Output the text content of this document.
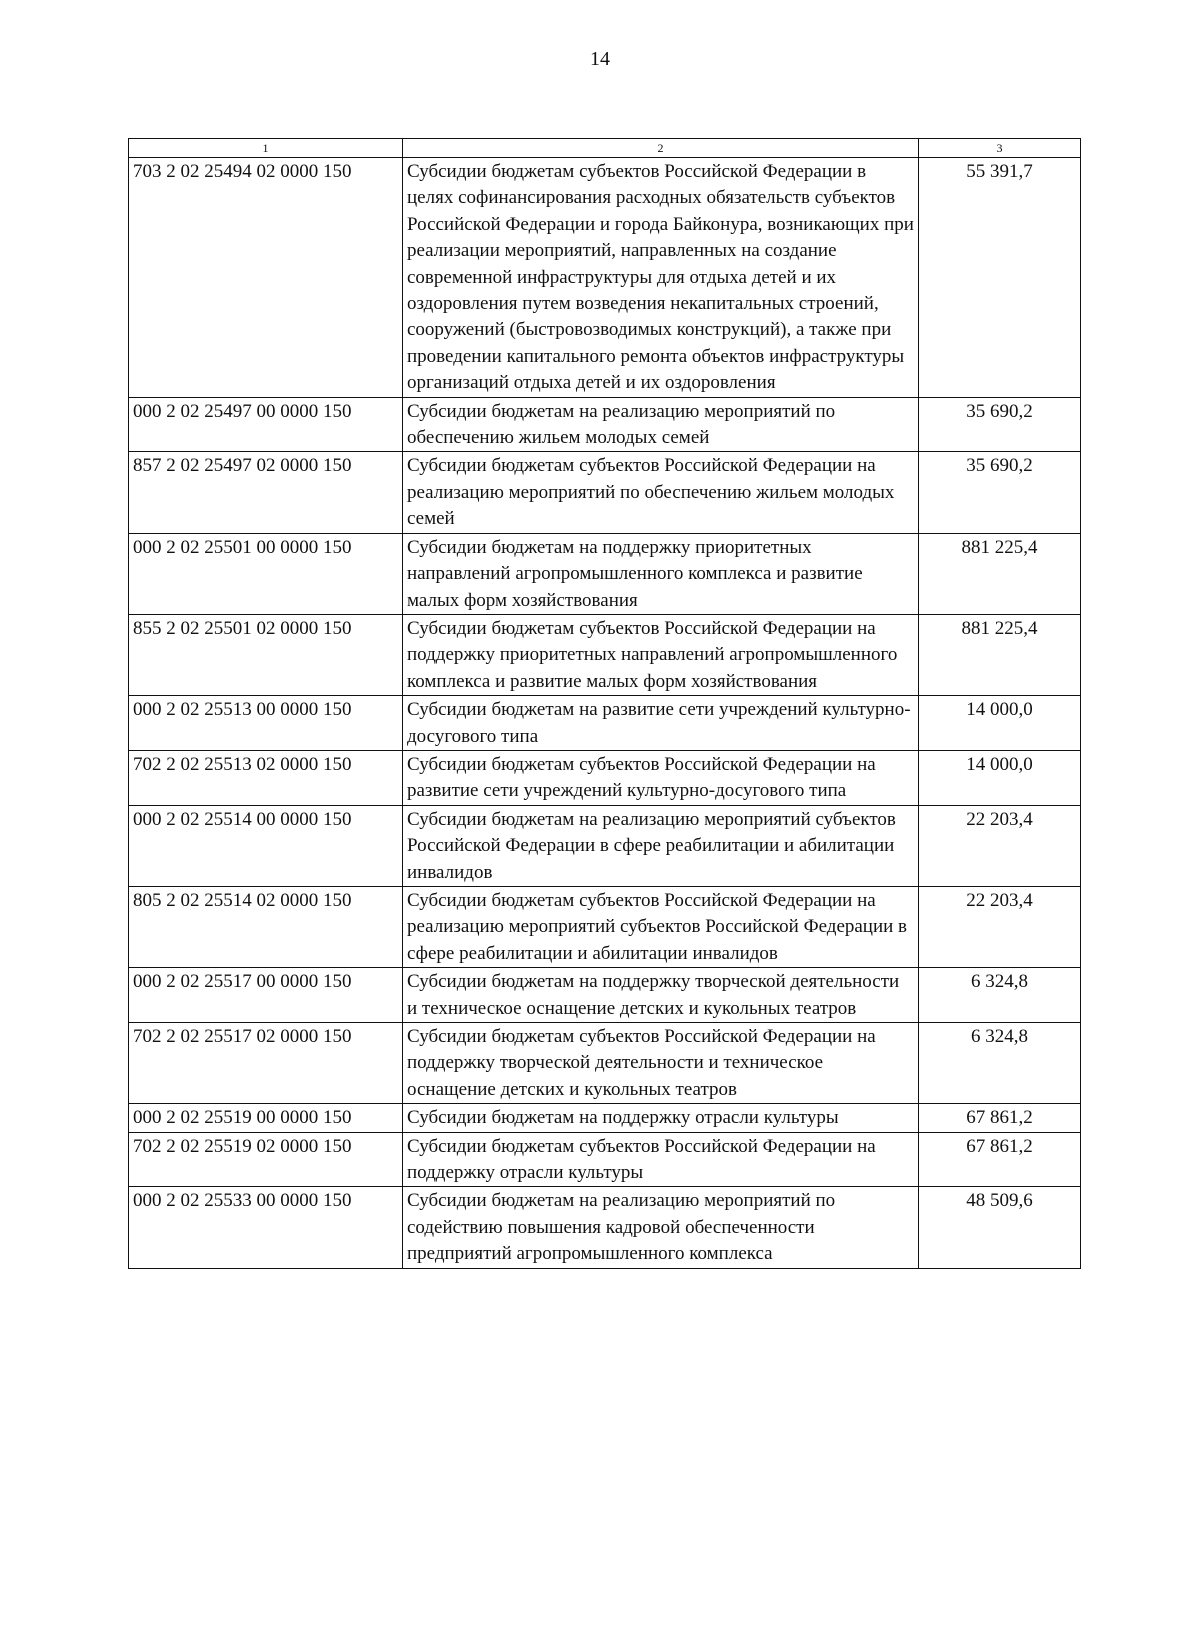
14
1	2	3
703 2 02 25494 02 0000 150	Субсидии бюджетам субъектов Российской Федерации в целях софинансирования расходных обязательств субъектов Российской Федерации и города Байконура, возникающих при реализации мероприятий, направленных на создание современной инфраструктуры для отдыха детей и их оздоровления путем возведения некапитальных строений, сооружений (быстровозводимых конструкций), а также при проведении капитального ремонта объектов инфраструктуры организаций отдыха детей и их оздоровления	55 391,7
000 2 02 25497 00 0000 150	Субсидии бюджетам на реализацию мероприятий по обеспечению жильем молодых семей	35 690,2
857 2 02 25497 02 0000 150	Субсидии бюджетам субъектов Российской Федерации на реализацию мероприятий по обеспечению жильем молодых семей	35 690,2
000 2 02 25501 00 0000 150	Субсидии бюджетам на поддержку приоритетных направлений агропромышленного комплекса и развитие малых форм хозяйствования	881 225,4
855 2 02 25501 02 0000 150	Субсидии бюджетам субъектов Российской Федерации на поддержку приоритетных направлений агропромышленного комплекса и развитие малых форм хозяйствования	881 225,4
000 2 02 25513 00 0000 150	Субсидии бюджетам на развитие сети учреждений культурно-досугового типа	14 000,0
702 2 02 25513 02 0000 150	Субсидии бюджетам субъектов Российской Федерации на развитие сети учреждений культурно-досугового типа	14 000,0
000 2 02 25514 00 0000 150	Субсидии бюджетам на реализацию мероприятий субъектов Российской Федерации в сфере реабилитации и абилитации инвалидов	22 203,4
805 2 02 25514 02 0000 150	Субсидии бюджетам субъектов Российской Федерации на реализацию мероприятий субъектов Российской Федерации в сфере реабилитации и абилитации инвалидов	22 203,4
000 2 02 25517 00 0000 150	Субсидии бюджетам на поддержку творческой деятельности и техническое оснащение детских и кукольных театров	6 324,8
702 2 02 25517 02 0000 150	Субсидии бюджетам субъектов Российской Федерации на поддержку творческой деятельности и техническое оснащение детских и кукольных театров	6 324,8
000 2 02 25519 00 0000 150	Субсидии бюджетам на поддержку отрасли культуры	67 861,2
702 2 02 25519 02 0000 150	Субсидии бюджетам субъектов Российской Федерации на поддержку отрасли культуры	67 861,2
000 2 02 25533 00 0000 150	Субсидии бюджетам на реализацию мероприятий по содействию повышения кадровой обеспеченности предприятий агропромышленного комплекса	48 509,6
